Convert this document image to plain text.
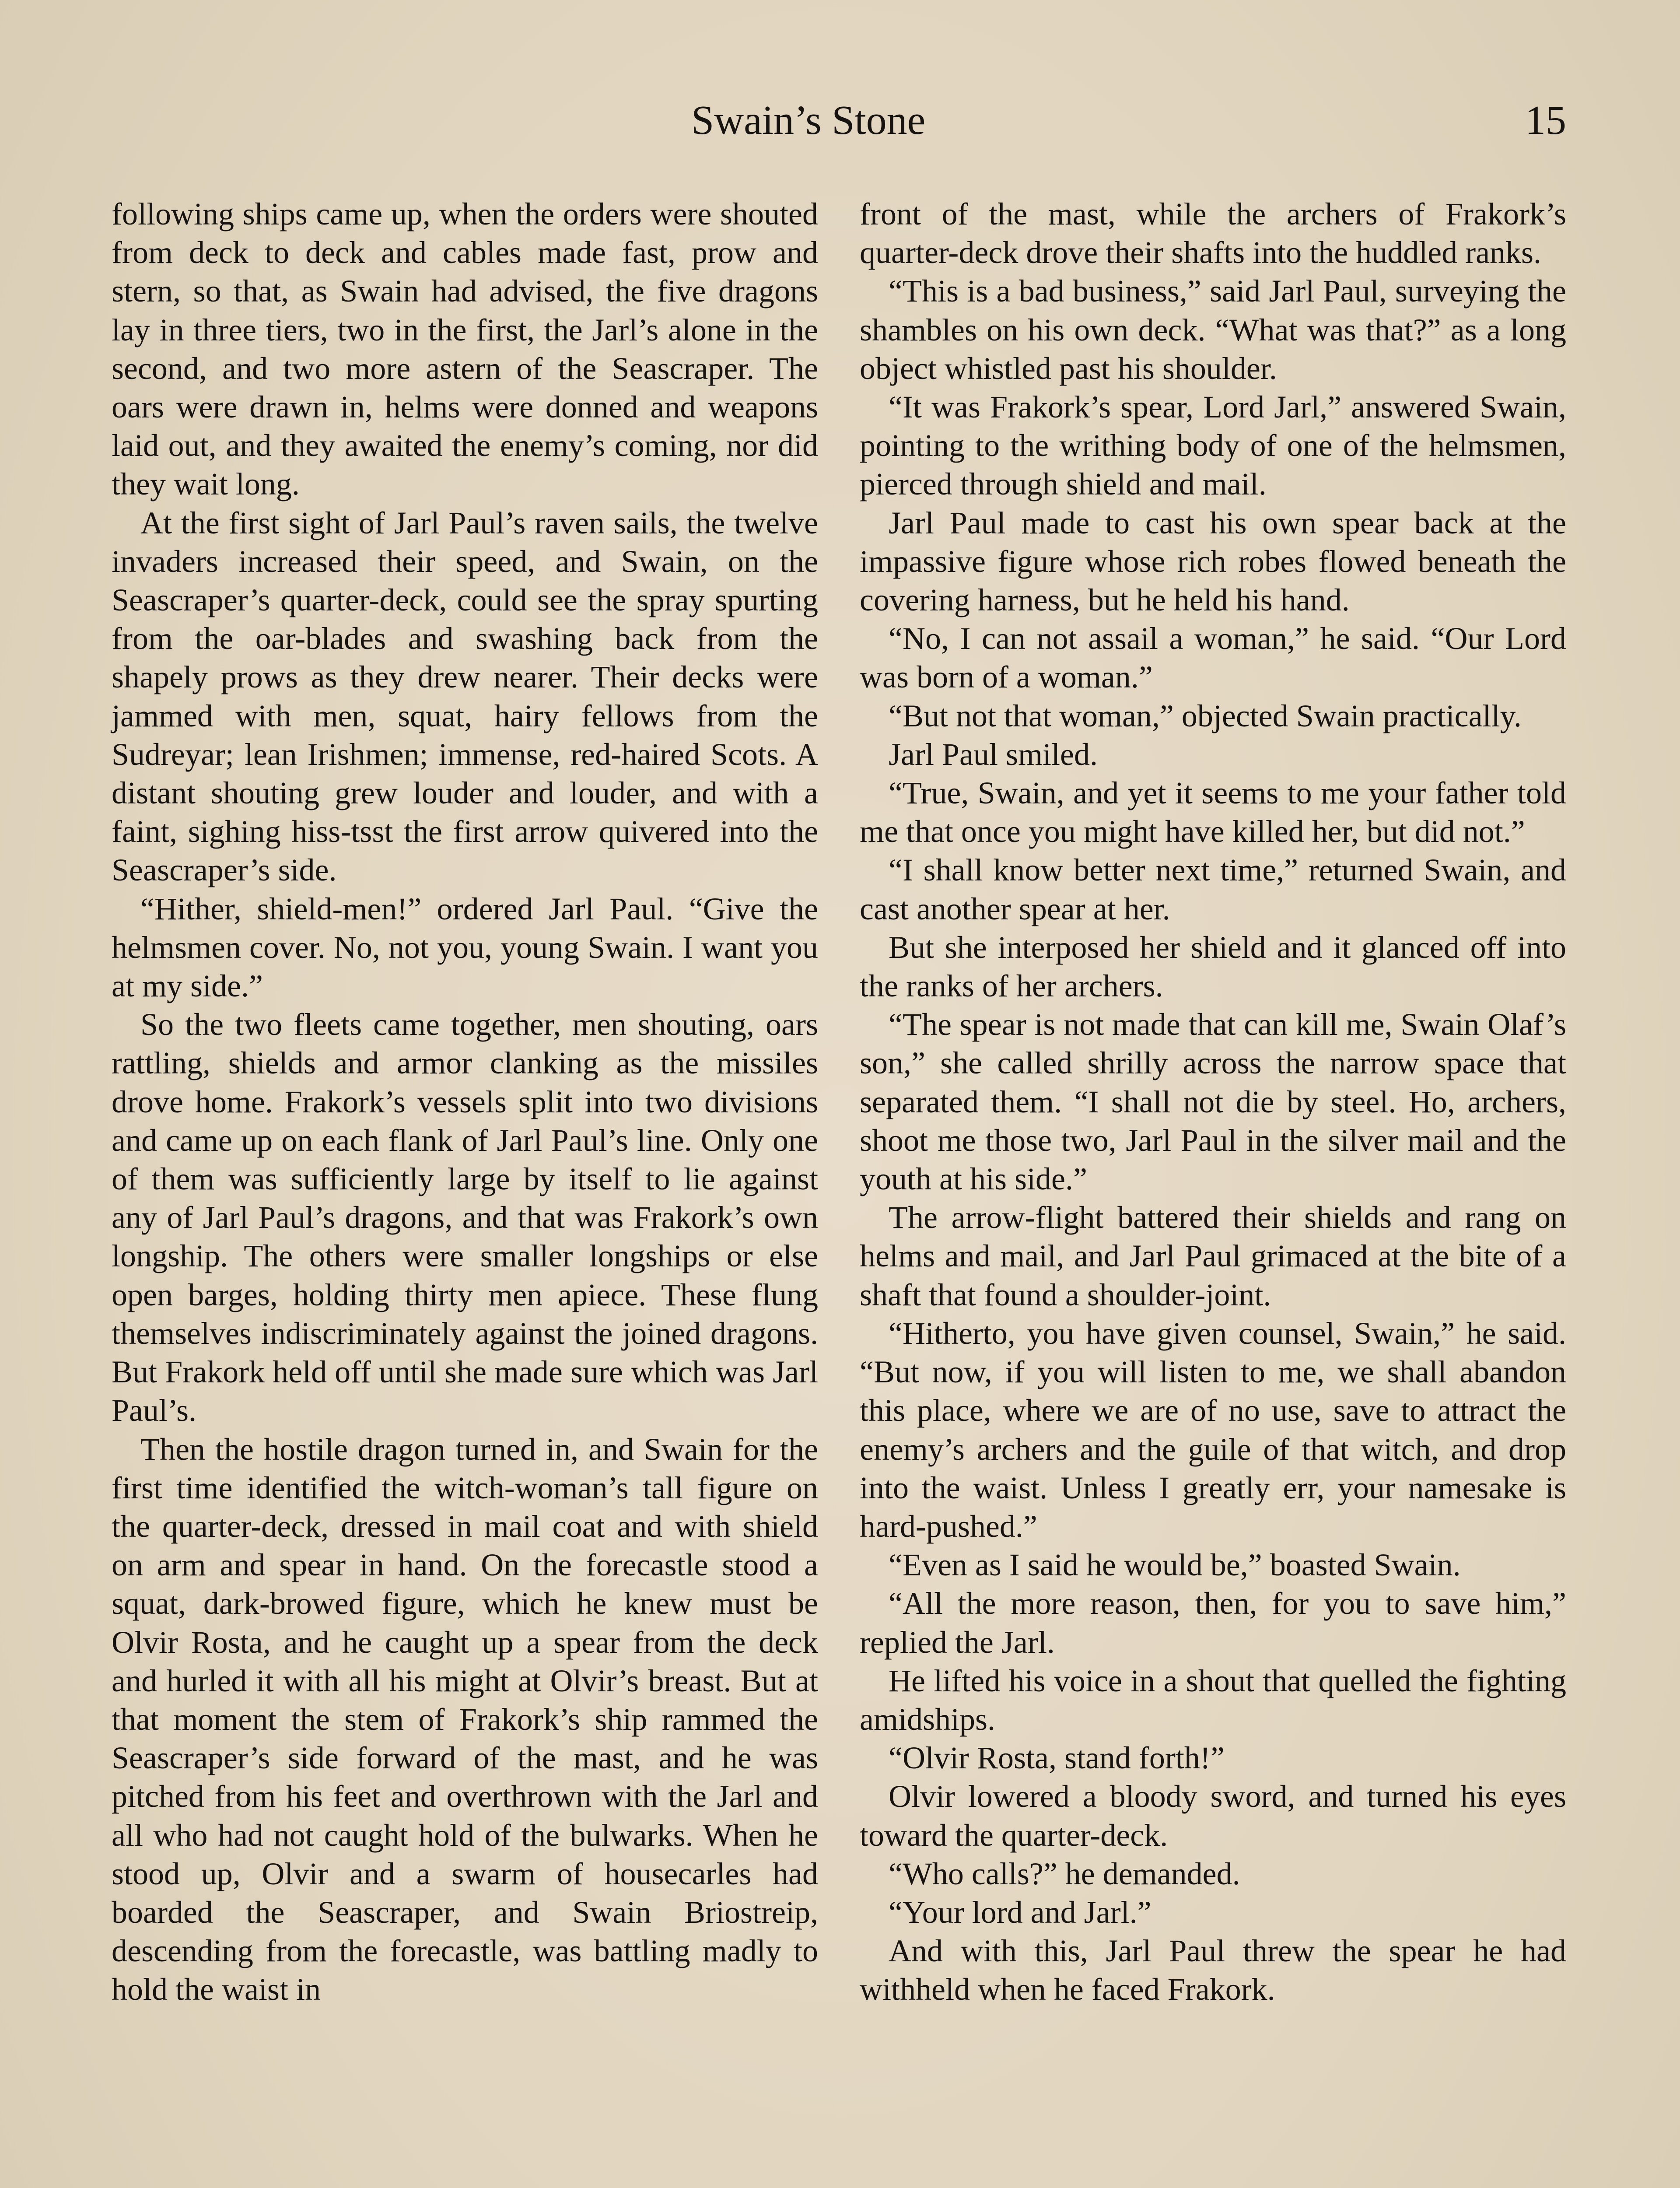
Swain’s Stone	15

following ships came up, when the orders were shouted from deck to deck and cables made fast, prow and stern, so that, as Swain had advised, the five dragons lay in three tiers, two in the first, the Jarl’s alone in the second, and two more astern of the Seascraper. The oars were drawn in, helms were donned and weapons laid out, and they awaited the enemy’s coming, nor did they wait long.

At the first sight of Jarl Paul’s raven sails, the twelve invaders increased their speed, and Swain, on the Seascraper’s quarter-deck, could see the spray spurting from the oar-blades and swashing back from the shapely prows as they drew nearer. Their decks were jammed with men, squat, hairy fellows from the Sudreyar; lean Irishmen; immense, red-haired Scots. A distant shouting grew louder and louder, and with a faint, sighing hiss-tsst the first arrow quivered into the Seascraper’s side.

“Hither, shield-men!” ordered Jarl Paul. “Give the helmsmen cover. No, not you, young Swain. I want you at my side.”

So the two fleets came together, men shouting, oars rattling, shields and armor clanking as the missiles drove home. Frakork’s vessels split into two divisions and came up on each flank of Jarl Paul’s line. Only one of them was sufficiently large by itself to lie against any of Jarl Paul’s dragons, and that was Frakork’s own longship. The others were smaller longships or else open barges, holding thirty men apiece. These flung themselves indiscriminately against the joined dragons. But Frakork held off until she made sure which was Jarl Paul’s.

Then the hostile dragon turned in, and Swain for the first time identified the witch-woman’s tall figure on the quarter-deck, dressed in mail coat and with shield on arm and spear in hand. On the forecastle stood a squat, dark-browed figure, which he knew must be Olvir Rosta, and he caught up a spear from the deck and hurled it with all his might at Olvir’s breast. But at that moment the stem of Frakork’s ship rammed the Seascraper’s side forward of the mast, and he was pitched from his feet and overthrown with the Jarl and all who had not caught hold of the bulwarks. When he stood up, Olvir and a swarm of housecarles had boarded the Seascraper, and Swain Briostreip, descending from the forecastle, was battling madly to hold the waist in

front of the mast, while the archers of Frakork’s quarter-deck drove their shafts into the huddled ranks.

“This is a bad business,” said Jarl Paul, surveying the shambles on his own deck. “What was that?” as a long object whistled past his shoulder.

“It was Frakork’s spear, Lord Jarl,” answered Swain, pointing to the writhing body of one of the helmsmen, pierced through shield and mail.

Jarl Paul made to cast his own spear back at the impassive figure whose rich robes flowed beneath the covering harness, but he held his hand.

“No, I can not assail a woman,” he said. “Our Lord was born of a woman.”

“But not that woman,” objected Swain practically.

Jarl Paul smiled.

“True, Swain, and yet it seems to me your father told me that once you might have killed her, but did not.”

“I shall know better next time,” returned Swain, and cast another spear at her.

But she interposed her shield and it glanced off into the ranks of her archers.

“The spear is not made that can kill me, Swain Olaf’s son,” she called shrilly across the narrow space that separated them. “I shall not die by steel. Ho, archers, shoot me those two, Jarl Paul in the silver mail and the youth at his side.”

The arrow-flight battered their shields and rang on helms and mail, and Jarl Paul grimaced at the bite of a shaft that found a shoulder-joint.

“Hitherto, you have given counsel, Swain,” he said. “But now, if you will listen to me, we shall abandon this place, where we are of no use, save to attract the enemy’s archers and the guile of that witch, and drop into the waist. Unless I greatly err, your namesake is hard-pushed.”

“Even as I said he would be,” boasted Swain.

“All the more reason, then, for you to save him,” replied the Jarl.

He lifted his voice in a shout that quelled the fighting amidships.

“Olvir Rosta, stand forth!”

Olvir lowered a bloody sword, and turned his eyes toward the quarter-deck.

“Who calls?” he demanded.

“Your lord and Jarl.”

And with this, Jarl Paul threw the spear he had withheld when he faced Frakork.
